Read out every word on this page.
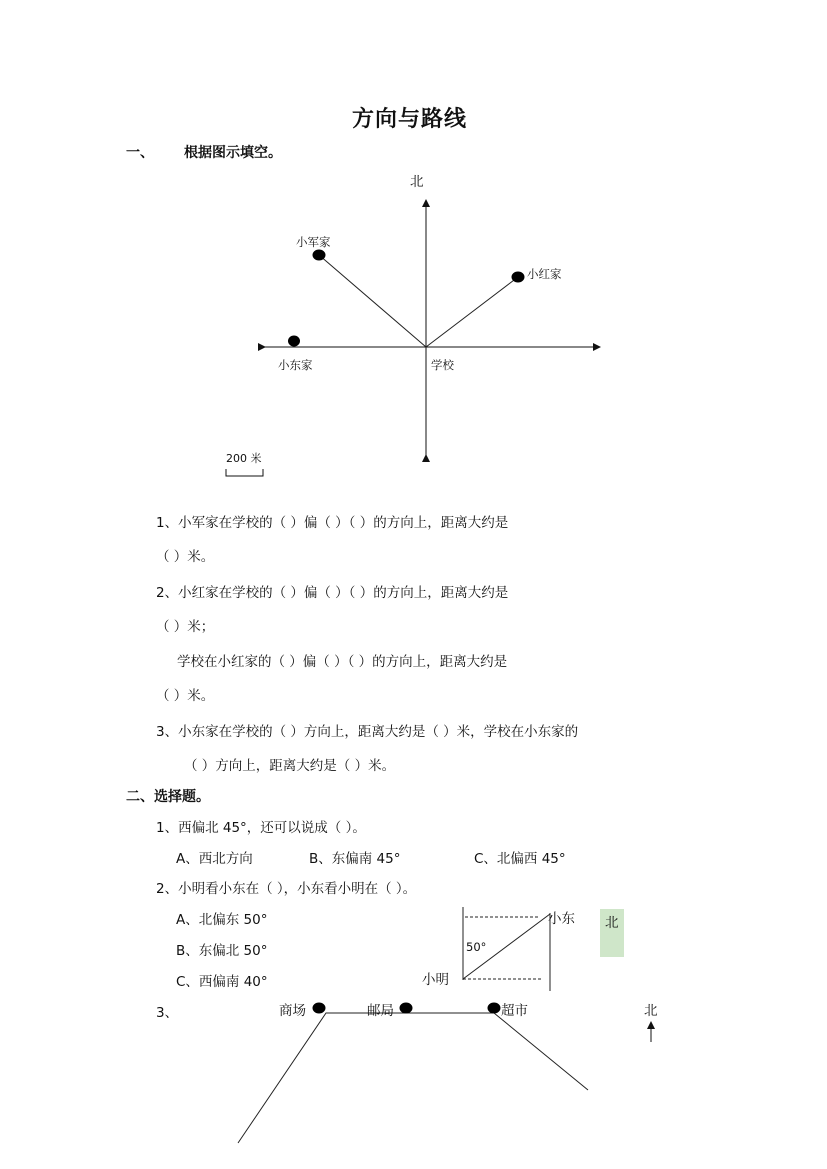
方向与路线
一、 根据图示填空。
北
小军家
小红家
小东家	学校
200 米
1、小军家在学校的（ ）偏（ ）（ ）的方向上，距离大约是
（ ）米。
2、小红家在学校的（ ）偏（ ）（ ）的方向上，距离大约是
（ ）米；
学校在小红家的（ ）偏（ ）（ ）的方向上，距离大约是
（ ）米。
3、小东家在学校的（ ）方向上，距离大约是（ ）米，学校在小东家的
（ ）方向上，距离大约是（ ）米。
二、选择题。
1、西偏北 45°，还可以说成（ ）。
A、西北方向	B、东偏南 45°	C、北偏西 45°
2、小明看小东在（ ），小东看小明在（ ）。
A、北偏东 50°
B、东偏北 50°
C、西偏南 40°
小东
小明
50°
北
3、	商场	邮局	超市	北
